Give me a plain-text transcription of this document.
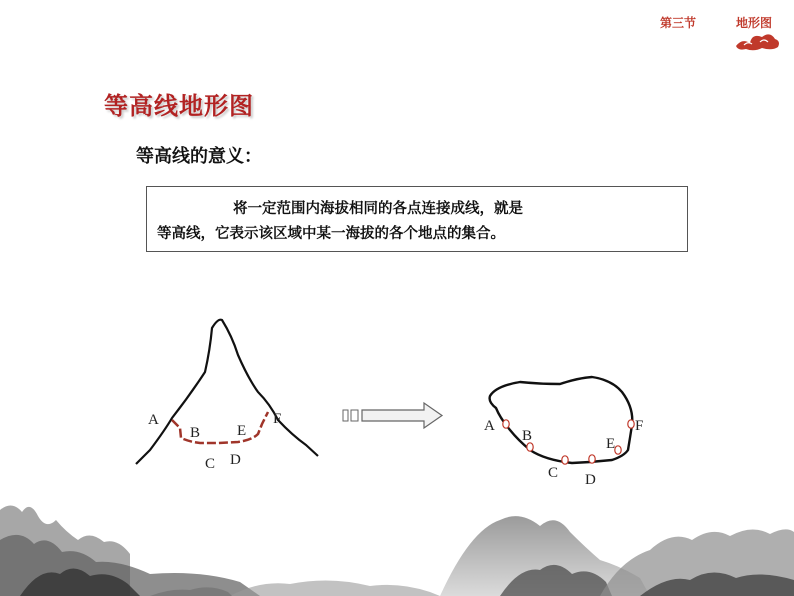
第三节	地形图
等高线地形图
等高线的意义：
将一定范围内海拔相同的各点连接成线，就是
等高线，它表示该区域中某一海拔的各个地点的集合。
A
B
C D
E
F	A
B
C D
E
F
